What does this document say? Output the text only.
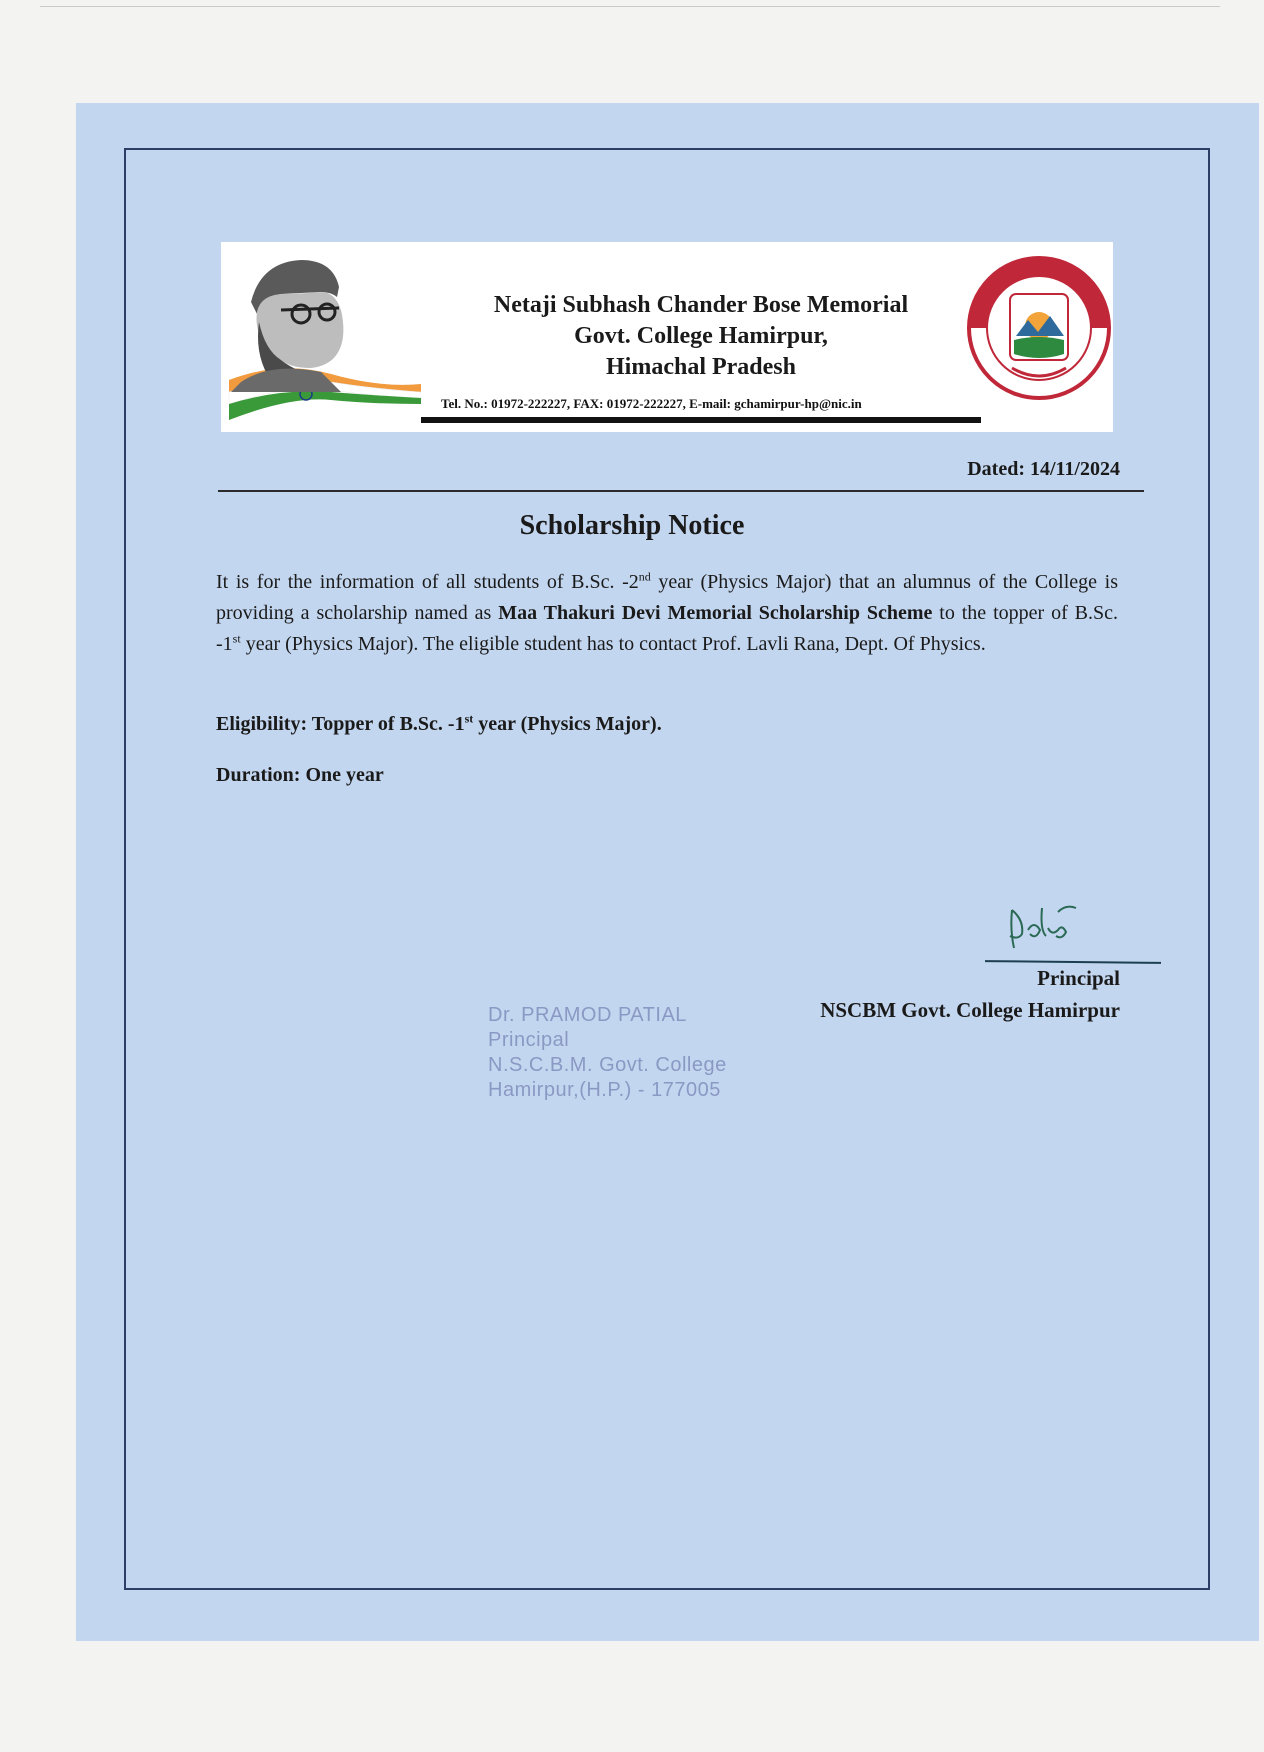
Netaji Subhash Chander Bose Memorial
Govt. College Hamirpur,
Himachal Pradesh
Tel. No.: 01972-222227, FAX: 01972-222227, E-mail: gchamirpur-hp@nic.in
Dated: 14/11/2024
Scholarship Notice
It is for the information of all students of B.Sc. -2nd year (Physics Major) that an alumnus of the College is providing a scholarship named as Maa Thakuri Devi Memorial Scholarship Scheme to the topper of B.Sc. -1st year (Physics Major). The eligible student has to contact Prof. Lavli Rana, Dept. Of Physics.
Eligibility: Topper of B.Sc. -1st year (Physics Major).
Duration: One year
Principal
NSCBM Govt. College Hamirpur
Dr. PRAMOD PATIAL
Principal
N.S.C.B.M. Govt. College
Hamirpur,(H.P.) - 177005
